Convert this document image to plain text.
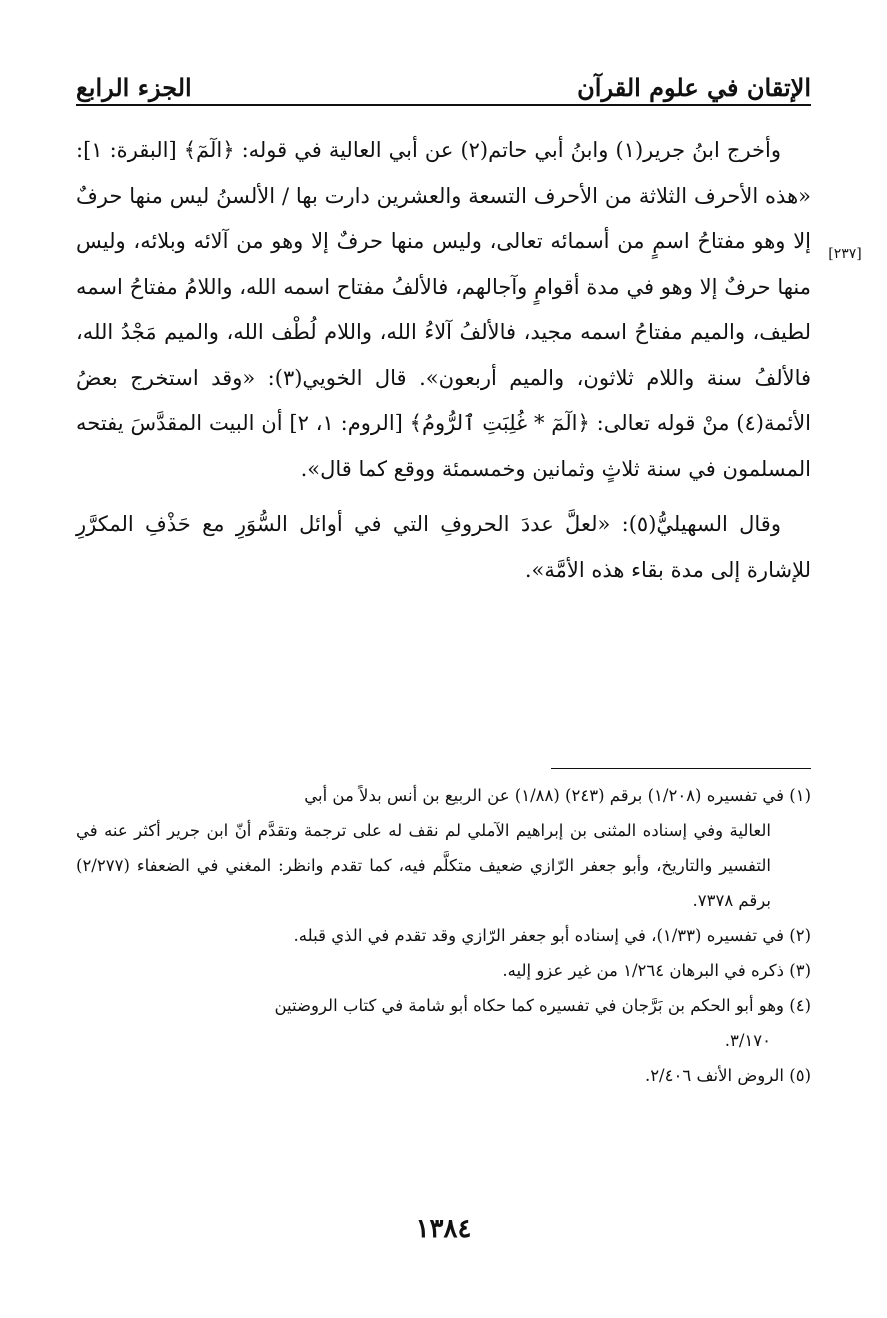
الإتقان في علوم القرآن
الجزء الرابع
[٢٣٧]

وأخرج ابنُ جرير(١) وابنُ أبي حاتم(٢) عن أبي العالية في قوله: ﴿الٓمٓ﴾ [البقرة: ١]: «هذه الأحرف الثلاثة من الأحرف التسعة والعشرين دارت بها / الألسنُ ليس منها حرفٌ إلا وهو مفتاحُ اسمٍ من أسمائه تعالى، وليس منها حرفٌ إلا وهو من آلائه وبلائه، وليس منها حرفٌ إلا وهو في مدة أقوامٍ وآجالهم، فالألفُ مفتاح اسمه الله، واللامُ مفتاحُ اسمه لطيف، والميم مفتاحُ اسمه مجيد، فالألفُ آلاءُ الله، واللام لُطْف الله، والميم مَجْدُ الله، فالألفُ سنة واللام ثلاثون، والميم أربعون». قال الخويي(٣): «وقد استخرج بعضُ الأئمة(٤) منْ قوله تعالى: ﴿الٓمٓ * غُلِبَتِ ٱلرُّومُ﴾ [الروم: ١، ٢] أن البيت المقدَّسَ يفتحه المسلمون في سنة ثلاثٍ وثمانين وخمسمئة ووقع كما قال».

وقال السهيليُّ(٥): «لعلَّ عددَ الحروفِ التي في أوائل السُّوَرِ مع حَذْفِ المكرَّرِ للإشارة إلى مدة بقاء هذه الأمَّة».

(١) في تفسيره (١/٢٠٨) برقم (٢٤٣) (١/٨٨) عن الربيع بن أنس بدلاً من أبي
العالية وفي إسناده المثنى بن إبراهيم الآملي لم نقف له على ترجمة وتقدَّم أنّ ابن جرير أكثر عنه في التفسير والتاريخ، وأبو جعفر الرّازي ضعيف متكلَّم فيه، كما تقدم وانظر: المغني في الضعفاء (٢/٢٧٧) برقم ٧٣٧٨.

(٢) في تفسيره (١/٣٣)، في إسناده أبو جعفر الرّازي وقد تقدم في الذي قبله.

(٣) ذكره في البرهان ١/٢٦٤ من غير عزو إليه.

(٤) وهو أبو الحكم بن بَرَّجان في تفسيره كما حكاه أبو شامة في كتاب الروضتين
٣/١٧٠.

(٥) الروض الأنف ٢/٤٠٦.

١٣٨٤
